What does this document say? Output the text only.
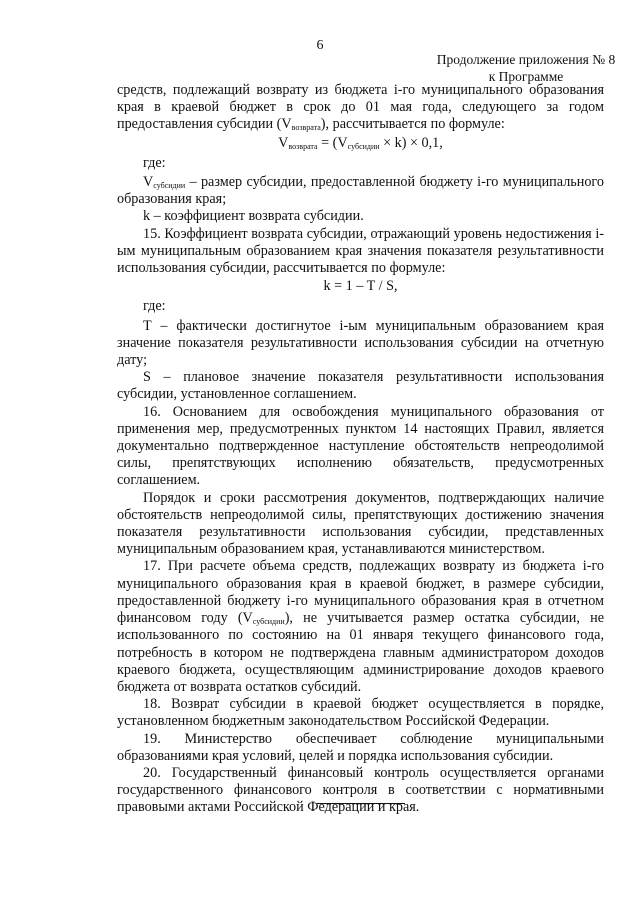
6
Продолжение приложения № 8
к Программе

средств, подлежащий возврату из бюджета i-го муниципального образования края в краевой бюджет в срок до 01 мая года, следующего за годом предоставления субсидии $(V_{возврата})$, рассчитывается по формуле:

$V_{возврата} = (V_{субсидии} \times k) \times 0,1$,

где:

$V_{субсидии}$ – размер субсидии, предоставленной бюджету i-го муниципального образования края;

k – коэффициент возврата субсидии.

15. Коэффициент возврата субсидии, отражающий уровень недостижения i-ым муниципальным образованием края значения показателя результативности использования субсидии, рассчитывается по формуле:

k = 1 – T / S,

где:

T – фактически достигнутое i-ым муниципальным образованием края значение показателя результативности использования субсидии на отчетную дату;

S – плановое значение показателя результативности использования субсидии, установленное соглашением.

16. Основанием для освобождения муниципального образования от применения мер, предусмотренных пунктом 14 настоящих Правил, является документально подтвержденное наступление обстоятельств непреодолимой силы, препятствующих исполнению обязательств, предусмотренных соглашением.

Порядок и сроки рассмотрения документов, подтверждающих наличие обстоятельств непреодолимой силы, препятствующих достижению значения показателя результативности использования субсидии, представленных муниципальным образованием края, устанавливаются министерством.

17. При расчете объема средств, подлежащих возврату из бюджета i-го муниципального образования края в краевой бюджет, в размере субсидии, предоставленной бюджету i-го муниципального образования края в отчетном финансовом году $(V_{субсидии})$, не учитывается размер остатка субсидии, не использованного по состоянию на 01 января текущего финансового года, потребность в котором не подтверждена главным администратором доходов краевого бюджета, осуществляющим администрирование доходов краевого бюджета от возврата остатков субсидий.

18. Возврат субсидии в краевой бюджет осуществляется в порядке, установленном бюджетным законодательством Российской Федерации.

19. Министерство обеспечивает соблюдение муниципальными образованиями края условий, целей и порядка использования субсидии.

20. Государственный финансовый контроль осуществляется органами государственного финансового контроля в соответствии с нормативными правовыми актами Российской Федерации и края.
